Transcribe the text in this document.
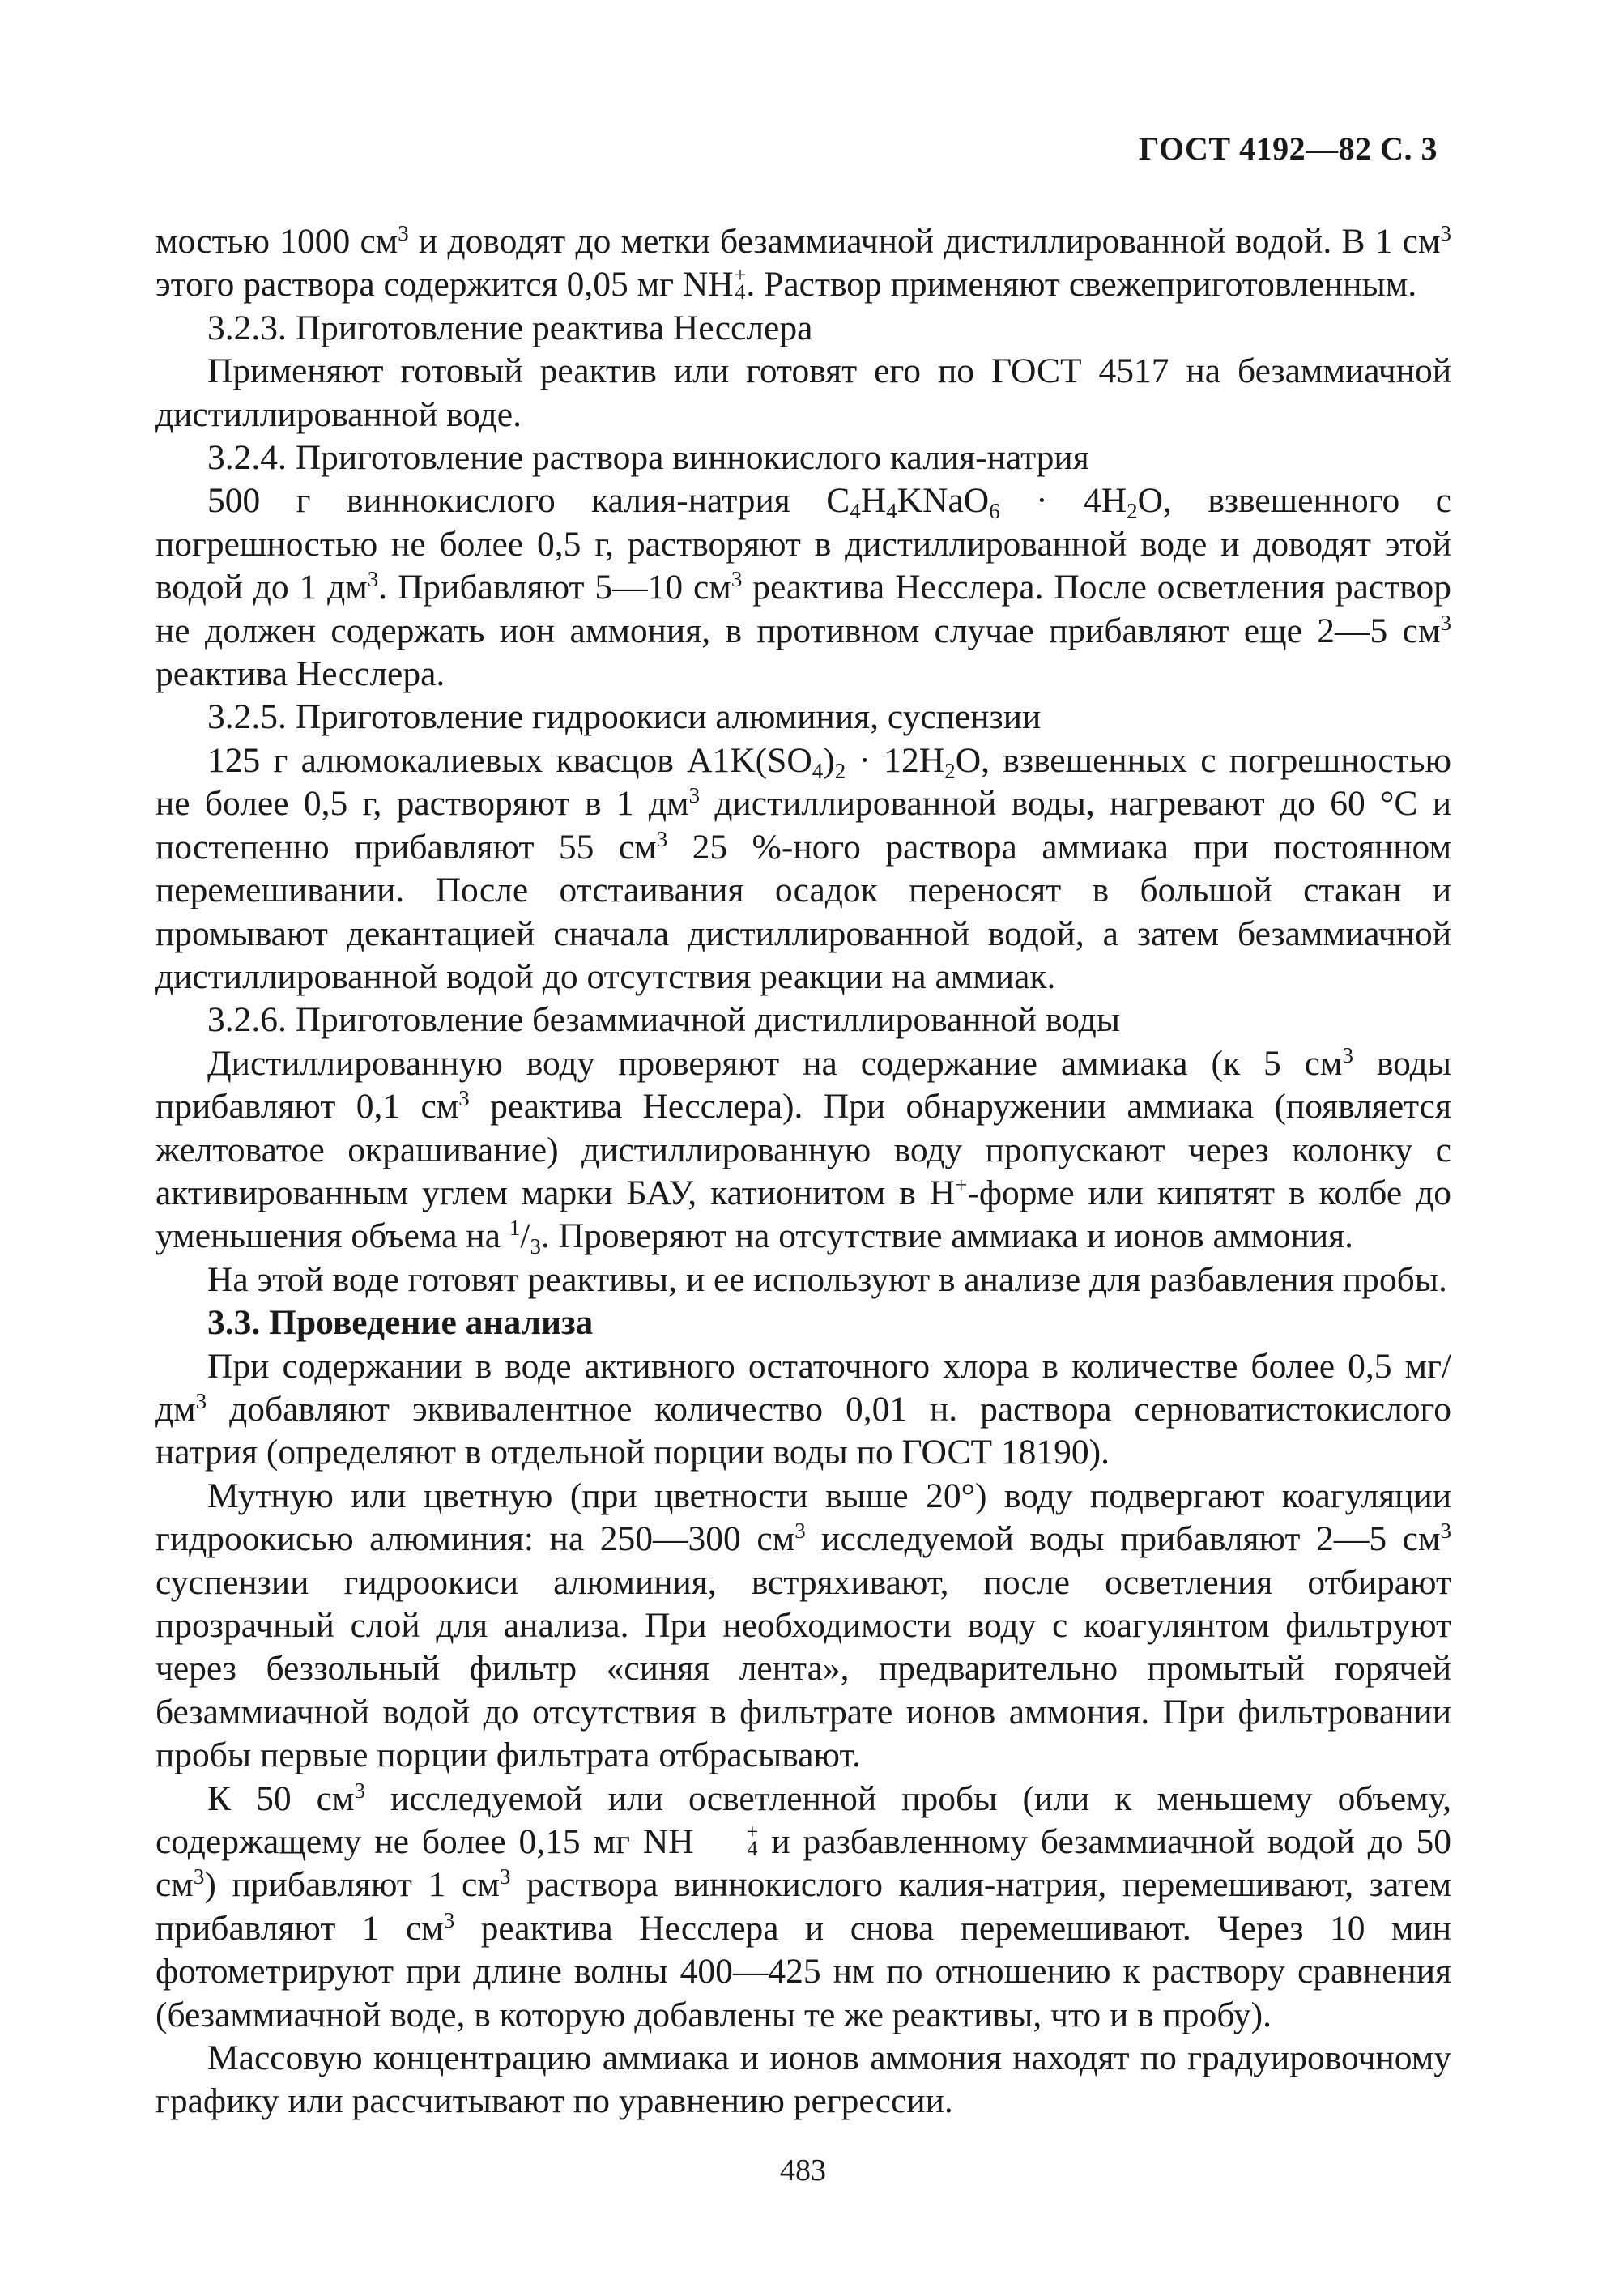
ГОСТ 4192—82 С. 3

мостью 1000 $см^3$ и доводят до метки безаммиачной дистиллированной водой. В 1 $см^3$ этого раствора содержится 0,05 мг NH +
4 . Раствор применяют свежеприготовленным.

3.2.3. Приготовление реактива Несслера

Применяют готовый реактив или готовят его по ГОСТ 4517 на безаммиачной дистиллированной воде.

3.2.4. Приготовление раствора виннокислого калия-натрия

500 г виннокислого калия-натрия $C_4H_4KNaO_6 \cdot 4H_2O$, взвешенного с погрешностью не более 0,5 г, растворяют в дистиллированной воде и доводят этой водой до 1 $дм^3$. Прибавляют 5—10 $см^3$ реактива Несслера. После осветления раствор не должен содержать ион аммония, в противном случае прибавляют еще 2—5 $см^3$ реактива Несслера.

3.2.5. Приготовление гидроокиси алюминия, суспензии

125 г алюмокалиевых квасцов $A1K(SO_4)_2 \cdot 12H_2O$, взвешенных с погрешностью не более 0,5 г, растворяют в 1 $дм^3$ дистиллированной воды, нагревают до 60 °С и постепенно прибавляют 55 $см^3$ 25 %-ного раствора аммиака при постоянном перемешивании. После отстаивания осадок переносят в большой стакан и промывают декантацией сначала дистиллированной водой, а затем безаммиачной дистиллированной водой до отсутствия реакции на аммиак.

3.2.6. Приготовление безаммиачной дистиллированной воды

Дистиллированную воду проверяют на содержание аммиака (к 5 $см^3$ воды прибавляют 0,1 $см^3$ реактива Несслера). При обнаружении аммиака (появляется желтоватое окрашивание) дистиллированную воду пропускают через колонку с активированным углем марки БАУ, катионитом в Н+-форме или кипятят в колбе до уменьшения объема на $^1/_3$. Проверяют на отсутствие аммиака и ионов аммония.

На этой воде готовят реактивы, и ее используют в анализе для разбавления пробы.

3.3. Проведение анализа

При содержании в воде активного остаточного хлора в количестве более 0,5 $мг/дм^3$ добавляют эквивалентное количество 0,01 н. раствора серноватистокислого натрия (определяют в отдельной порции воды по ГОСТ 18190).

Мутную или цветную (при цветности выше 20°) воду подвергают коагуляции гидроокисью алюминия: на 250—300 $см^3$ исследуемой воды прибавляют 2—5 $см^3$ суспензии гидроокиси алюминия, встряхивают, после осветления отбирают прозрачный слой для анализа. При необходимости воду с коагулянтом фильтруют через беззольный фильтр «синяя лента», предварительно промытый горячей безаммиачной водой до отсутствия в фильтрате ионов аммония. При фильтровании пробы первые порции фильтрата отбрасывают.

К 50 $см^3$ исследуемой или осветленной пробы (или к меньшему объему, содержащему не более 0,15 мг NH	+
4 и разбавленному безаммиачной водой до 50 $см^3$) прибавляют 1 $см^3$ раствора виннокислого калия-натрия, перемешивают, затем прибавляют 1 $см^3$ реактива Несслера и снова перемешивают. Через 10 мин фотометрируют при длине волны 400—425 нм по отношению к раствору сравнения (безаммиачной воде, в которую добавлены те же реактивы, что и в пробу).

Массовую концентрацию аммиака и ионов аммония находят по градуировочному графику или рассчитывают по уравнению регрессии.

483
